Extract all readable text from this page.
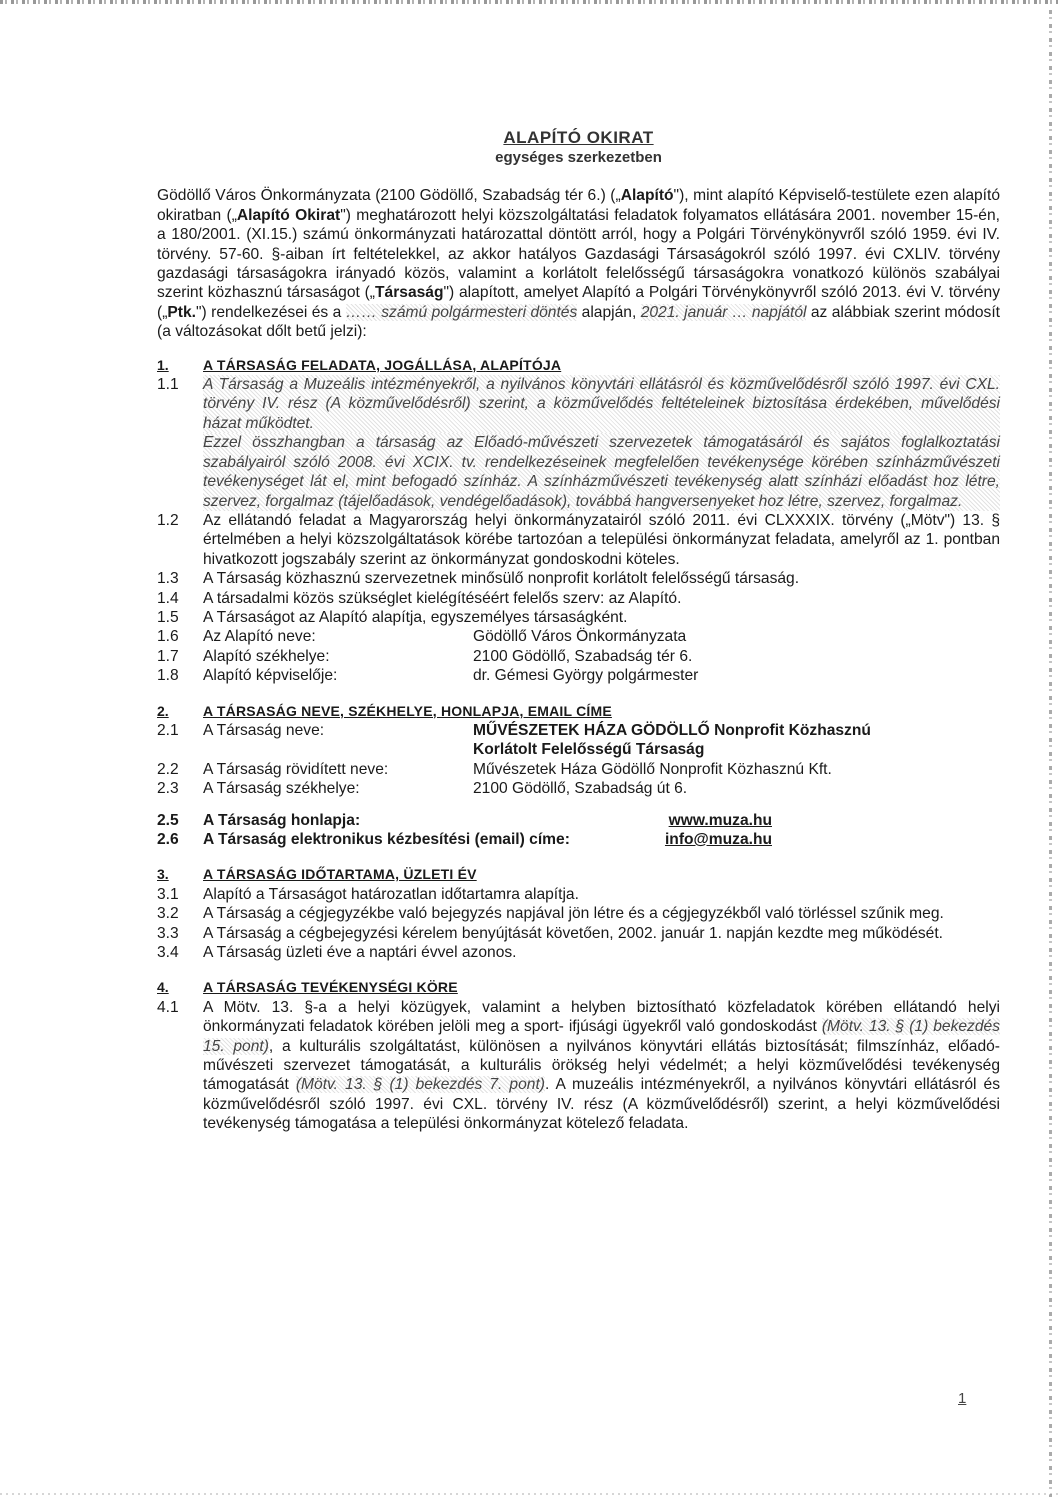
ALAPÍTÓ OKIRAT

egységes szerkezetben

Gödöllő Város Önkormányzata (2100 Gödöllő, Szabadság tér 6.) („Alapító"), mint alapító Képviselő-testülete ezen alapító okiratban („Alapító Okirat") meghatározott helyi közszolgáltatási feladatok folyamatos ellátására 2001. november 15-én, a 180/2001. (XI.15.) számú önkormányzati határozattal döntött arról, hogy a Polgári Törvénykönyvről szóló 1959. évi IV. törvény. 57-60. §-aiban írt feltételekkel, az akkor hatályos Gazdasági Társaságokról szóló 1997. évi CXLIV. törvény gazdasági társaságokra irányadó közös, valamint a korlátolt felelősségű társaságokra vonatkozó különös szabályai szerint közhasznú társaságot („Társaság") alapított, amelyet Alapító a Polgári Törvénykönyvről szóló 2013. évi V. törvény („Ptk.") rendelkezései és a …… számú polgármesteri döntés alapján, 2021. január … napjától az alábbiak szerint módosít (a változásokat dőlt betű jelzi):

1.	A TÁRSASÁG FELADATA, JOGÁLLÁSA, ALAPÍTÓJA
1.1	A Társaság a Muzeális intézményekről, a nyilvános könyvtári ellátásról és közművelődésről szóló 1997. évi CXL. törvény IV. rész (A közművelődésről) szerint, a közművelődés feltételeinek biztosítása érdekében, művelődési házat működtet.
Ezzel összhangban a társaság az Előadó-művészeti szervezetek támogatásáról és sajátos foglalkoztatási szabályairól szóló 2008. évi XCIX. tv. rendelkezéseinek megfelelően tevékenysége körében színházművészeti tevékenységet lát el, mint befogadó színház. A színházművészeti tevékenység alatt színházi előadást hoz létre, szervez, forgalmaz (tájelőadások, vendégelőadások), továbbá hangversenyeket hoz létre, szervez, forgalmaz.
1.2	Az ellátandó feladat a Magyarország helyi önkormányzatairól szóló 2011. évi CLXXXIX. törvény („Mötv") 13. § értelmében a helyi közszolgáltatások körébe tartozóan a települési önkormányzat feladata, amelyről az 1. pontban hivatkozott jogszabály szerint az önkormányzat gondoskodni köteles.
1.3	A Társaság közhasznú szervezetnek minősülő nonprofit korlátolt felelősségű társaság.
1.4	A társadalmi közös szükséglet kielégítéséért felelős szerv: az Alapító.
1.5	A Társaságot az Alapító alapítja, egyszemélyes társaságként.
1.6	Az Alapító neve:	Gödöllő Város Önkormányzata
1.7	Alapító székhelye:	2100 Gödöllő, Szabadság tér 6.
1.8	Alapító képviselője:	dr. Gémesi György polgármester
2.	A TÁRSASÁG NEVE, SZÉKHELYE, HONLAPJA, EMAIL CÍME
2.1	A Társaság neve:	MŰVÉSZETEK HÁZA GÖDÖLLŐ Nonprofit Közhasznú Korlátolt Felelősségű Társaság
2.2	A Társaság rövidített neve:	Művészetek Háza Gödöllő Nonprofit Közhasznú Kft.
2.3	A Társaság székhelye:	2100 Gödöllő, Szabadság út 6.
2.5	A Társaság honlapja:	www.muza.hu
2.6	A Társaság elektronikus kézbesítési (email) címe:	info@muza.hu
3.	A TÁRSASÁG IDŐTARTAMA, ÜZLETI ÉV
3.1	Alapító a Társaságot határozatlan időtartamra alapítja.
3.2	A Társaság a cégjegyzékbe való bejegyzés napjával jön létre és a cégjegyzékből való törléssel szűnik meg.
3.3	A Társaság a cégbejegyzési kérelem benyújtását követően, 2002. január 1. napján kezdte meg működését.
3.4	A Társaság üzleti éve a naptári évvel azonos.
4.	A TÁRSASÁG TEVÉKENYSÉGI KÖRE
4.1	A Mötv. 13. §-a a helyi közügyek, valamint a helyben biztosítható közfeladatok körében ellátandó helyi önkormányzati feladatok körében jelöli meg a sport- ifjúsági ügyekről való gondoskodást (Mötv. 13. § (1) bekezdés 15. pont), a kulturális szolgáltatást, különösen a nyilvános könyvtári ellátás biztosítását; filmszínház, előadó-művészeti szervezet támogatását, a kulturális örökség helyi védelmét; a helyi közművelődési tevékenység támogatását (Mötv. 13. § (1) bekezdés 7. pont). A muzeális intézményekről, a nyilvános könyvtári ellátásról és közművelődésről szóló 1997. évi CXL. törvény IV. rész (A közművelődésről) szerint, a helyi közművelődési tevékenység támogatása a települési önkormányzat kötelező feladata.
1
